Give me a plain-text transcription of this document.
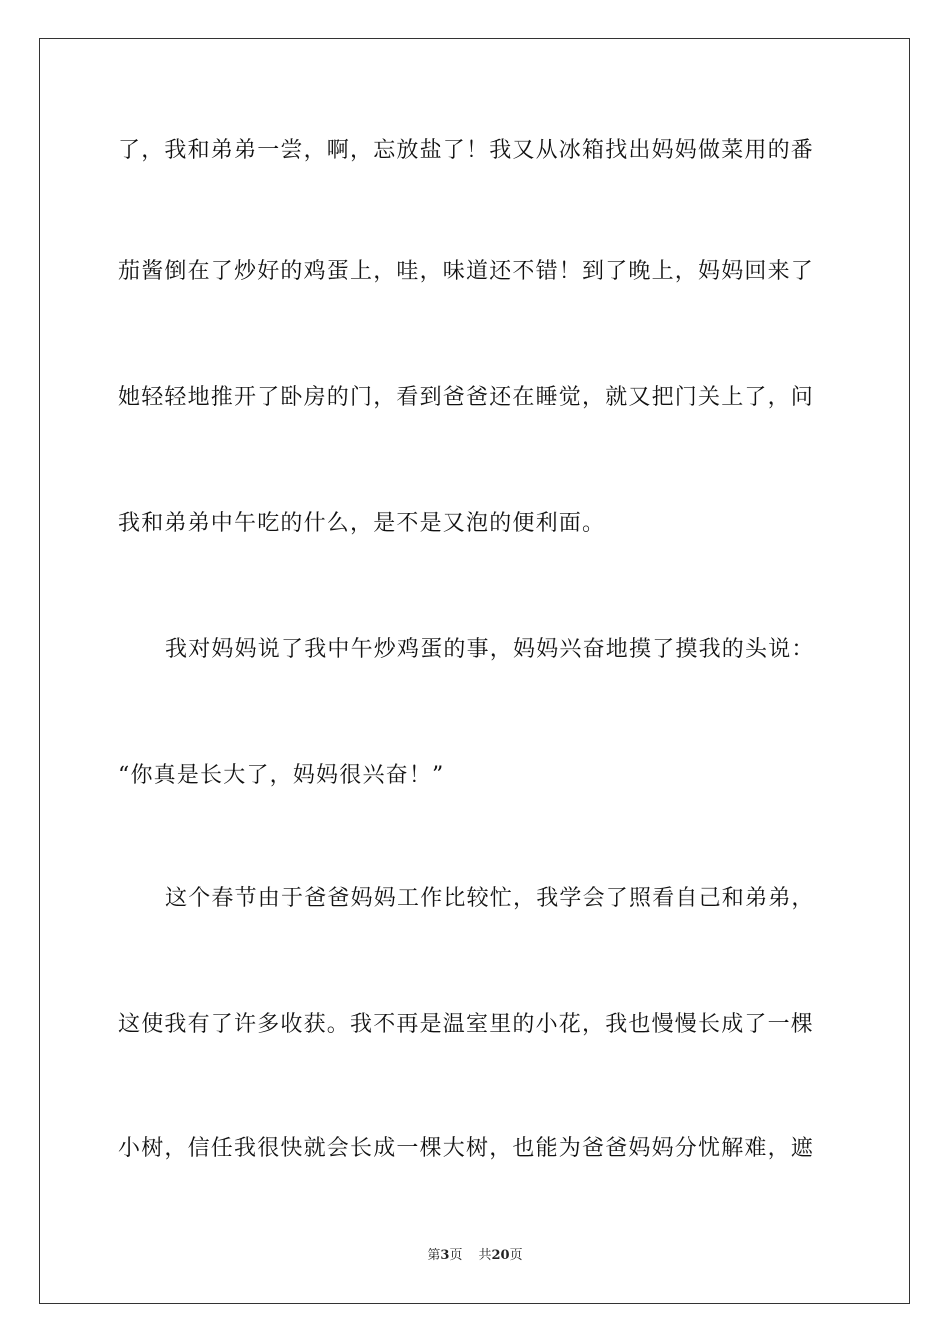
了，我和弟弟一尝，啊，忘放盐了！我又从冰箱找出妈妈做菜用的番
茄酱倒在了炒好的鸡蛋上，哇，味道还不错！到了晚上，妈妈回来了
她轻轻地推开了卧房的门，看到爸爸还在睡觉，就又把门关上了，问
我和弟弟中午吃的什么，是不是又泡的便利面。
我对妈妈说了我中午炒鸡蛋的事，妈妈兴奋地摸了摸我的头说：
“你真是长大了，妈妈很兴奋！”
这个春节由于爸爸妈妈工作比较忙，我学会了照看自己和弟弟，
这使我有了许多收获。我不再是温室里的小花，我也慢慢长成了一棵
小树，信任我很快就会长成一棵大树，也能为爸爸妈妈分忧解难，遮
第3页 共20页
